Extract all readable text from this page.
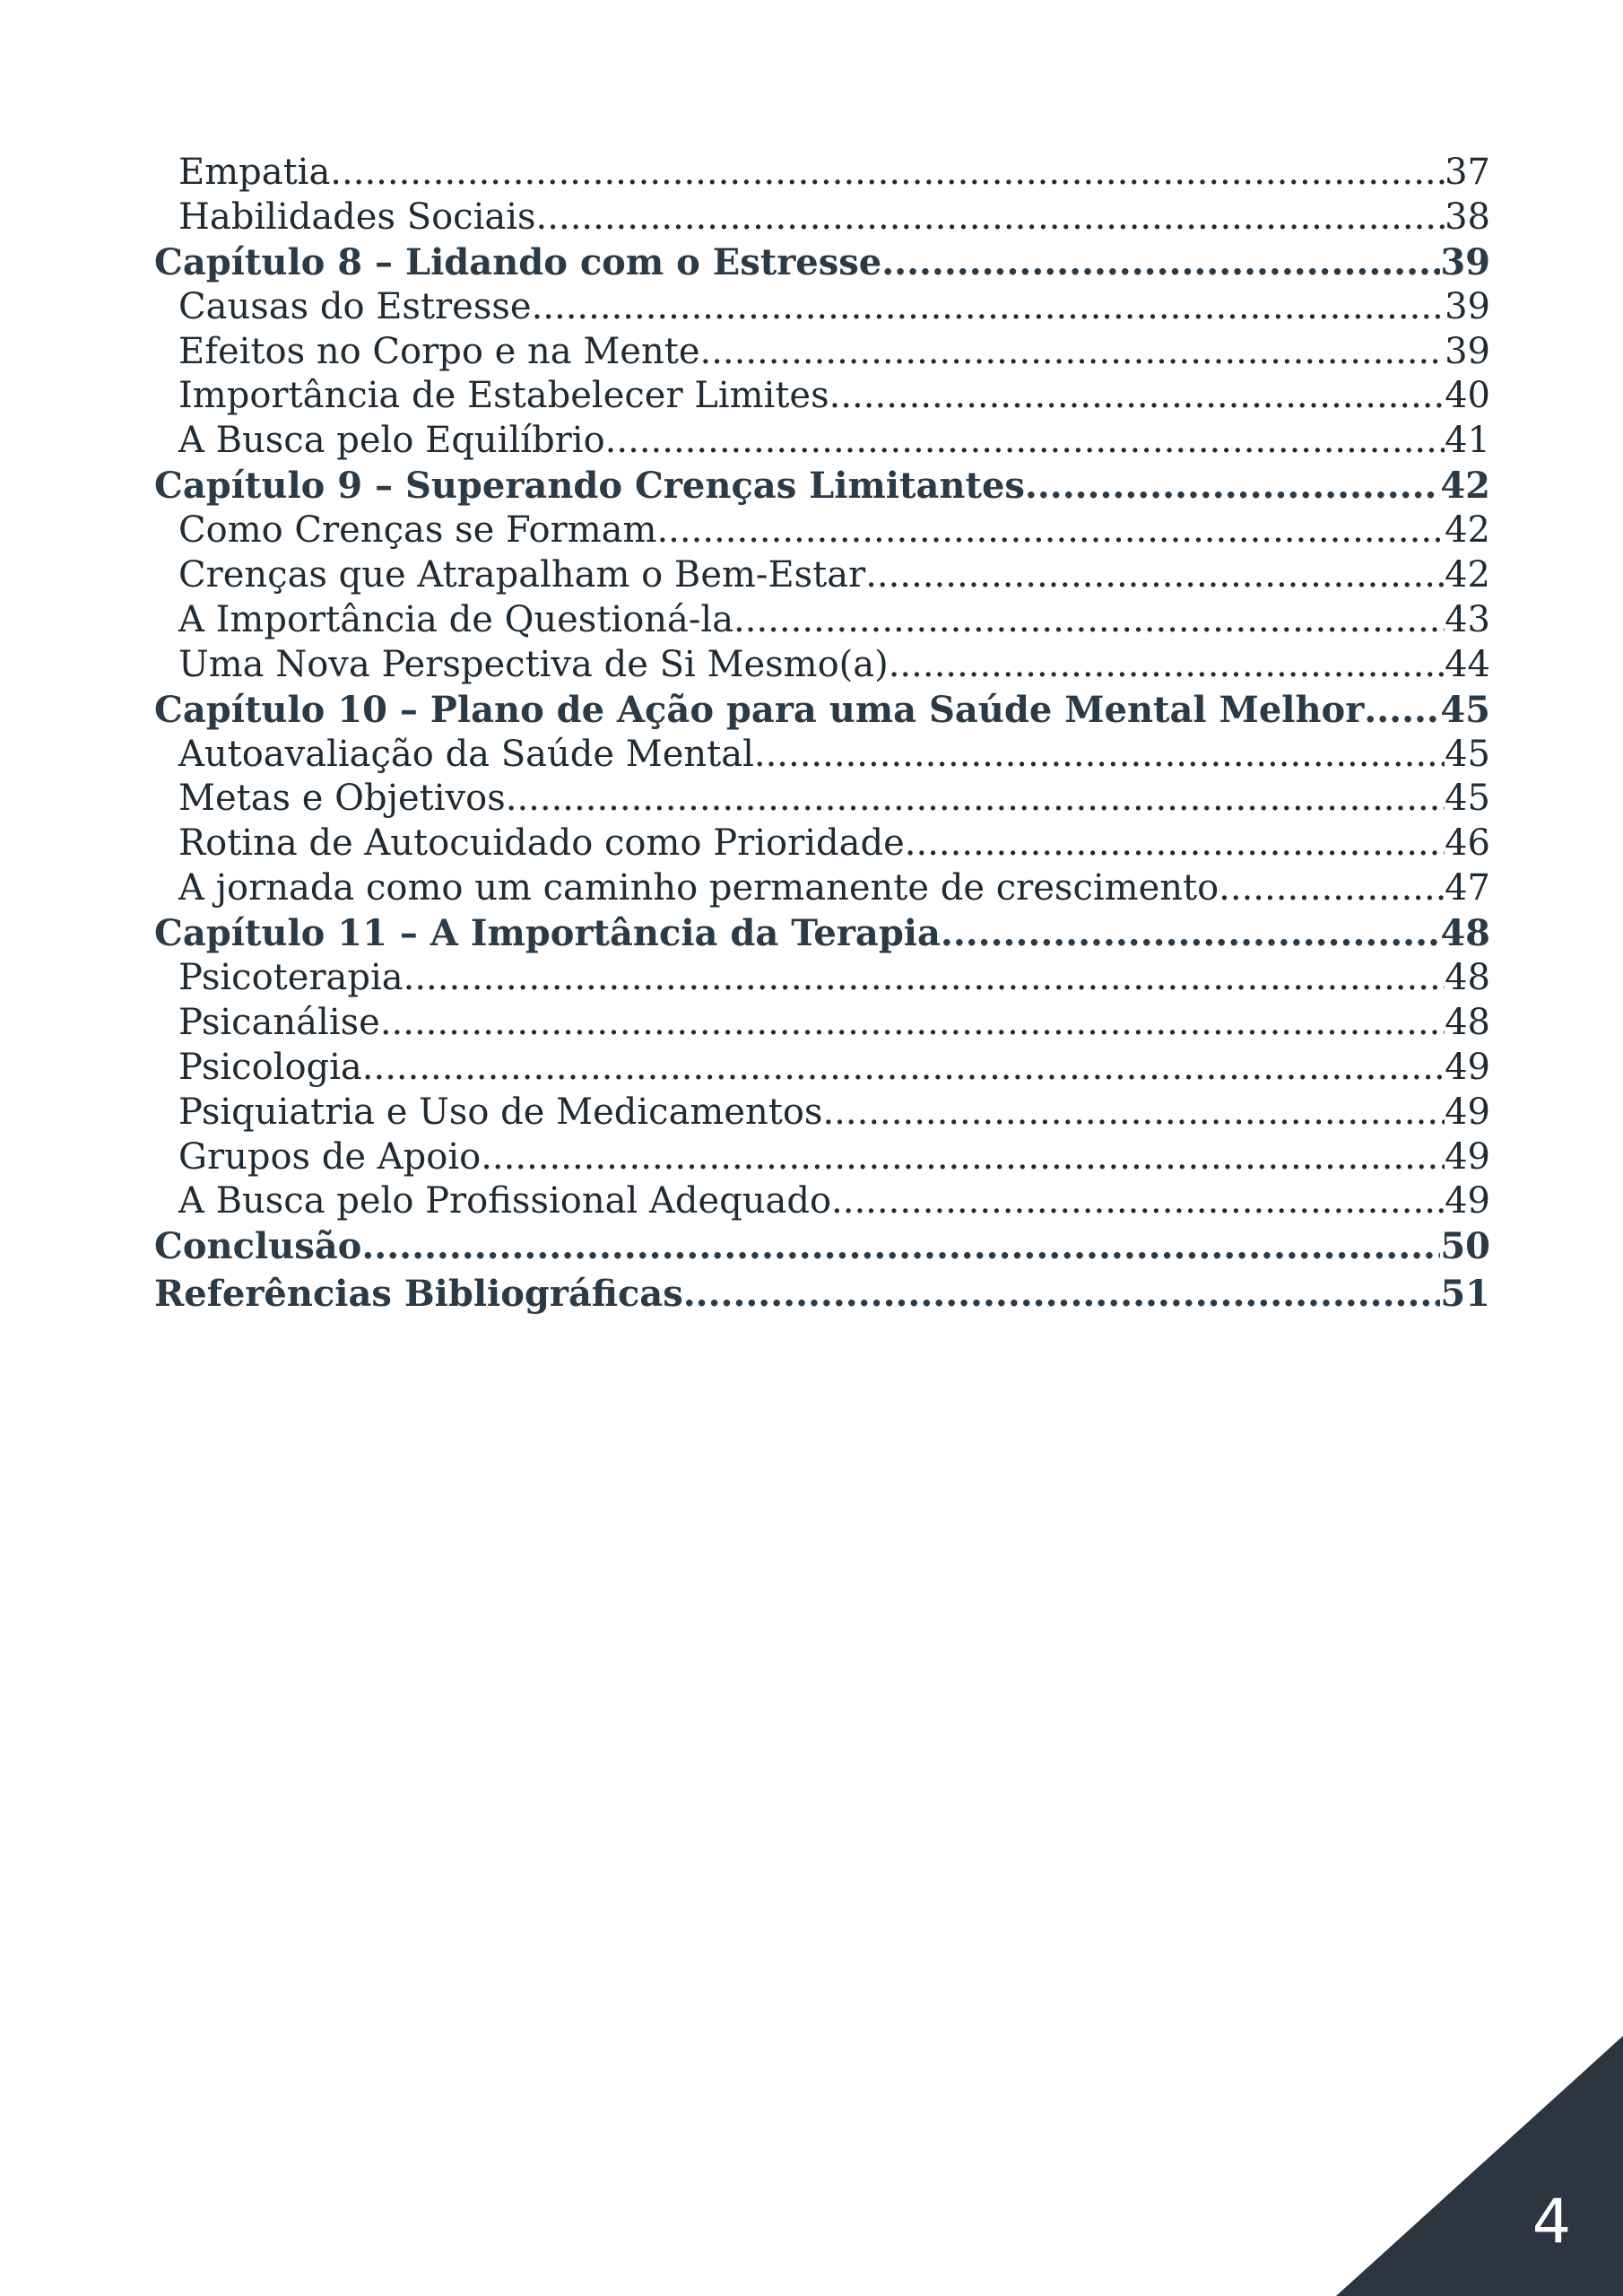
Empatia .....	37
Habilidades Sociais .....	38
Capítulo 8 – Lidando com o Estresse .....	39
Causas do Estresse .....	39
Efeitos no Corpo e na Mente .....	39
Importância de Estabelecer Limites .....	40
A Busca pelo Equilíbrio .....	41
Capítulo 9 – Superando Crenças Limitantes .....	42
Como Crenças se Formam .....	42
Crenças que Atrapalham o Bem-Estar .....	42
A Importância de Questioná-la .....	43
Uma Nova Perspectiva de Si Mesmo(a) .....	44
Capítulo 10 – Plano de Ação para uma Saúde Mental Melhor ..... 45
Autoavaliação da Saúde Mental .....	45
Metas e Objetivos .....	45
Rotina de Autocuidado como Prioridade .....	46
A jornada como um caminho permanente de crescimento .....	47
Capítulo 11 – A Importância da Terapia .....	48
Psicoterapia .....	48
Psicanálise .....	48
Psicologia .....	49
Psiquiatria e Uso de Medicamentos .....	49
Grupos de Apoio .....	49
A Busca pelo Profissional Adequado .....	49
Conclusão .....	50
Referências Bibliográficas .....	51
4
